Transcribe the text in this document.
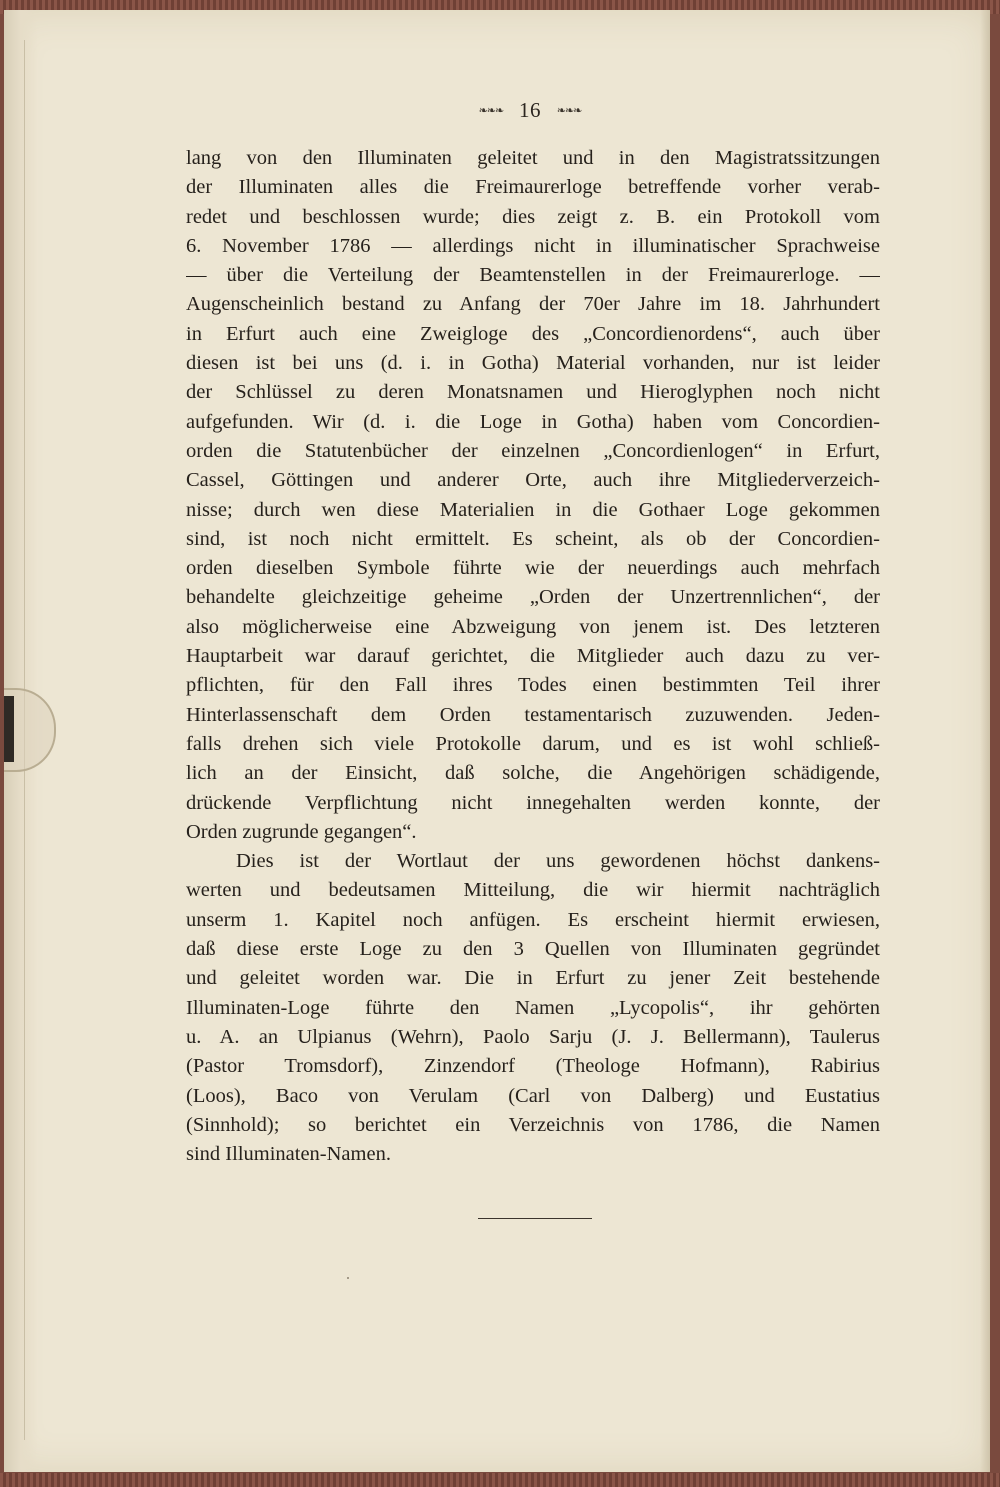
❧❧❧ 16 ❧❧❧
lang von den Illuminaten geleitet und in den Magistratssitzungen
der Illuminaten alles die Freimaurerloge betreffende vorher verab-
redet und beschlossen wurde; dies zeigt z. B. ein Protokoll vom
6. November 1786 — allerdings nicht in illuminatischer Sprachweise
— über die Verteilung der Beamtenstellen in der Freimaurerloge. —
Augenscheinlich bestand zu Anfang der 70er Jahre im 18. Jahrhundert
in Erfurt auch eine Zweigloge des „Concordienordens“, auch über
diesen ist bei uns (d. i. in Gotha) Material vorhanden, nur ist leider
der Schlüssel zu deren Monatsnamen und Hieroglyphen noch nicht
aufgefunden. Wir (d. i. die Loge in Gotha) haben vom Concordien-
orden die Statutenbücher der einzelnen „Concordienlogen“ in Erfurt,
Cassel, Göttingen und anderer Orte, auch ihre Mitgliederverzeich-
nisse; durch wen diese Materialien in die Gothaer Loge gekommen
sind, ist noch nicht ermittelt. Es scheint, als ob der Concordien-
orden dieselben Symbole führte wie der neuerdings auch mehrfach
behandelte gleichzeitige geheime „Orden der Unzertrennlichen“, der
also möglicherweise eine Abzweigung von jenem ist. Des letzteren
Hauptarbeit war darauf gerichtet, die Mitglieder auch dazu zu ver-
pflichten, für den Fall ihres Todes einen bestimmten Teil ihrer
Hinterlassenschaft dem Orden testamentarisch zuzuwenden. Jeden-
falls drehen sich viele Protokolle darum, und es ist wohl schließ-
lich an der Einsicht, daß solche, die Angehörigen schädigende,
drückende Verpflichtung nicht innegehalten werden konnte, der
Orden zugrunde gegangen“.
Dies ist der Wortlaut der uns gewordenen höchst dankens-
werten und bedeutsamen Mitteilung, die wir hiermit nachträglich
unserm 1. Kapitel noch anfügen. Es erscheint hiermit erwiesen,
daß diese erste Loge zu den 3 Quellen von Illuminaten gegründet
und geleitet worden war. Die in Erfurt zu jener Zeit bestehende
Illuminaten-Loge führte den Namen „Lycopolis“, ihr gehörten
u. A. an Ulpianus (Wehrn), Paolo Sarju (J. J. Bellermann), Taulerus
(Pastor Tromsdorf), Zinzendorf (Theologe Hofmann), Rabirius
(Loos), Baco von Verulam (Carl von Dalberg) und Eustatius
(Sinnhold); so berichtet ein Verzeichnis von 1786, die Namen
sind Illuminaten-Namen.
